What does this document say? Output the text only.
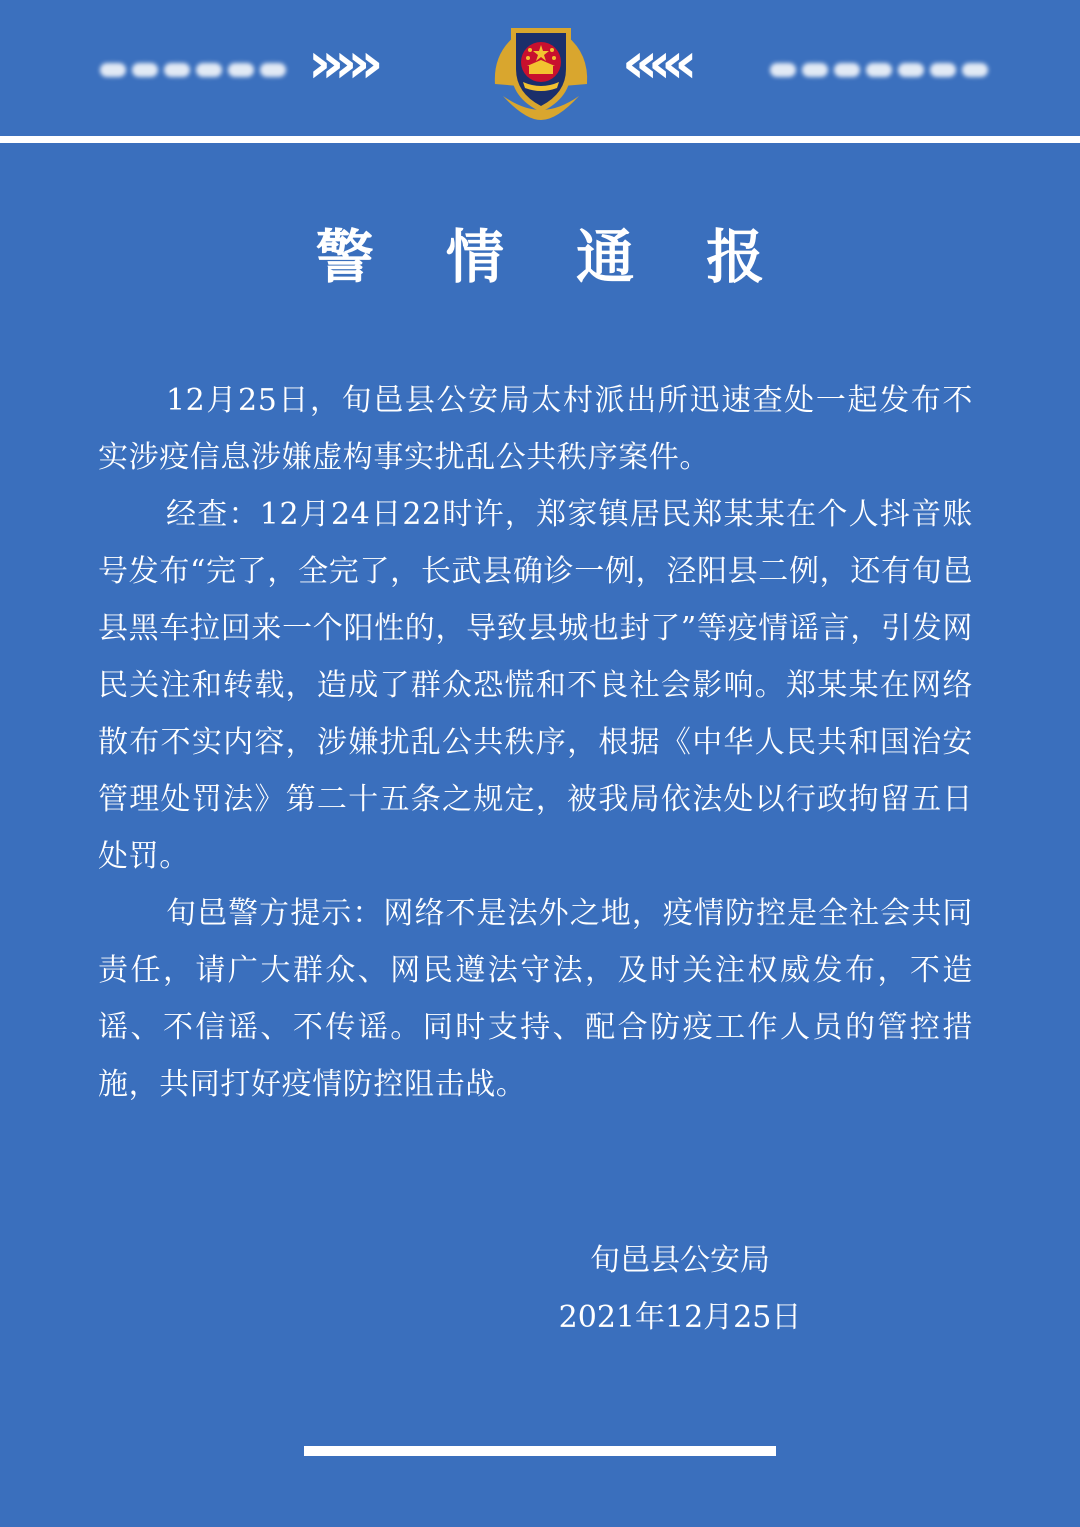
›››››	‹‹‹‹‹
警 情 通 报

12月25日，旬邑县公安局太村派出所迅速查处一起发布不实涉疫信息涉嫌虚构事实扰乱公共秩序案件。

经查：12月24日22时许，郑家镇居民郑某某在个人抖音账号发布“完了，全完了，长武县确诊一例，泾阳县二例，还有旬邑县黑车拉回来一个阳性的，导致县城也封了”等疫情谣言，引发网民关注和转载，造成了群众恐慌和不良社会影响。郑某某在网络散布不实内容，涉嫌扰乱公共秩序，根据《中华人民共和国治安管理处罚法》第二十五条之规定，被我局依法处以行政拘留五日处罚。

旬邑警方提示：网络不是法外之地，疫情防控是全社会共同责任，请广大群众、网民遵法守法，及时关注权威发布，不造谣、不信谣、不传谣。同时支持、配合防疫工作人员的管控措施，共同打好疫情防控阻击战。

旬邑县公安局
2021年12月25日
